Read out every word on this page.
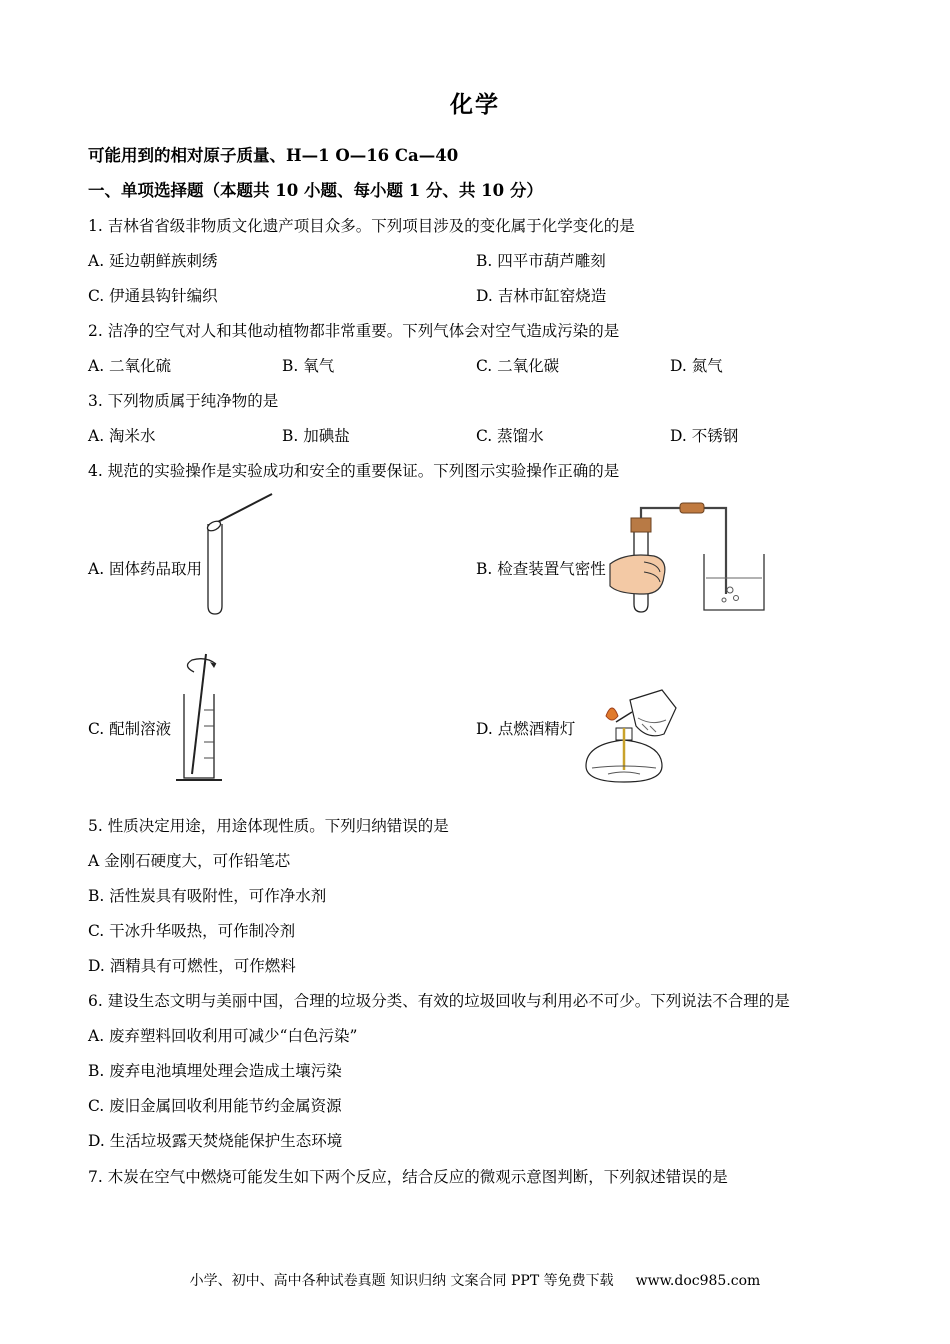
化学
可能用到的相对原子质量、H—1 O—16 Ca—40
一、单项选择题（本题共 10 小题、每小题 1 分、共 10 分）
1. 吉林省省级非物质文化遗产项目众多。下列项目涉及的变化属于化学变化的是
A. 延边朝鲜族刺绣	B. 四平市葫芦雕刻
C. 伊通县钩针编织	D. 吉林市缸窑烧造
2. 洁净的空气对人和其他动植物都非常重要。下列气体会对空气造成污染的是
A. 二氧化硫	B. 氧气	C. 二氧化碳	D. 氮气
3. 下列物质属于纯净物的是
A. 淘米水	B. 加碘盐	C. 蒸馏水	D. 不锈钢
4. 规范的实验操作是实验成功和安全的重要保证。下列图示实验操作正确的是
A. 固体药品取用	B. 检查装置气密性
C. 配制溶液	D. 点燃酒精灯
5. 性质决定用途，用途体现性质。下列归纳错误的是
A 金刚石硬度大，可作铅笔芯
B. 活性炭具有吸附性，可作净水剂
C. 干冰升华吸热，可作制冷剂
D. 酒精具有可燃性，可作燃料
6. 建设生态文明与美丽中国，合理的垃圾分类、有效的垃圾回收与利用必不可少。下列说法不合理的是
A. 废弃塑料回收利用可减少“白色污染”
B. 废弃电池填埋处理会造成土壤污染
C. 废旧金属回收利用能节约金属资源
D. 生活垃圾露天焚烧能保护生态环境
7. 木炭在空气中燃烧可能发生如下两个反应，结合反应的微观示意图判断，下列叙述错误的是
小学、初中、高中各种试卷真题 知识归纳 文案合同 PPT 等免费下载 www.doc985.com
